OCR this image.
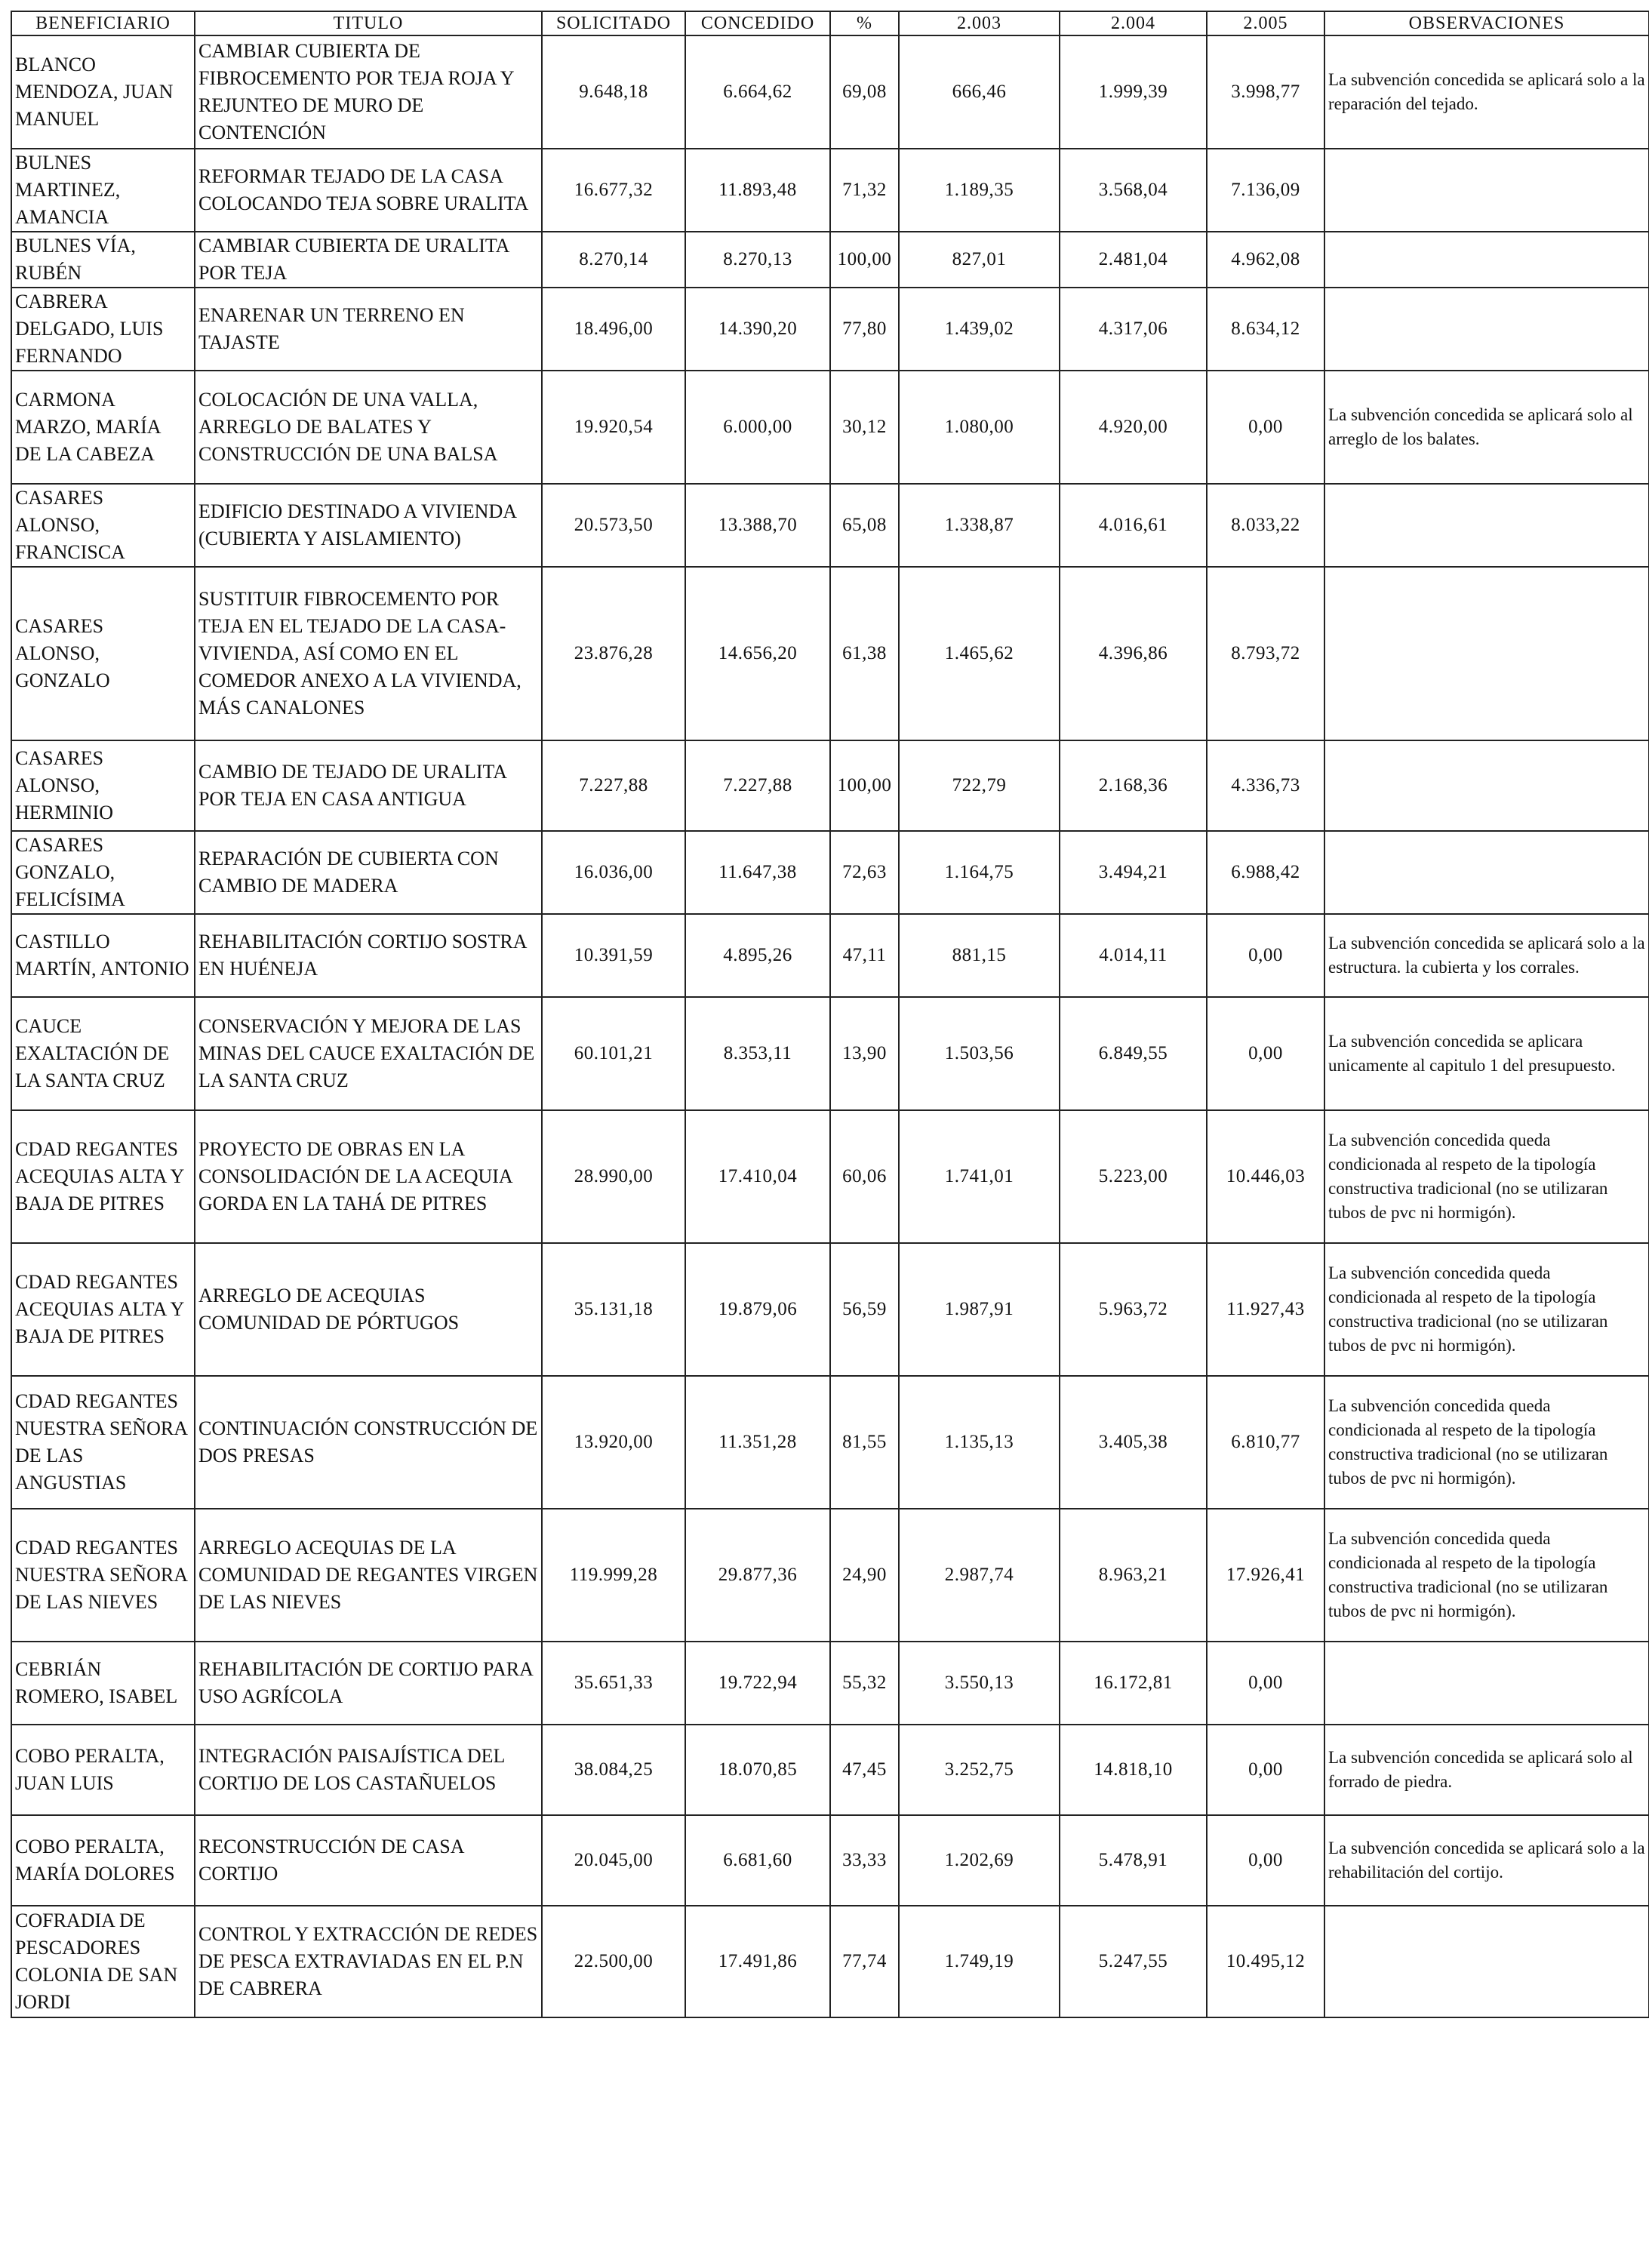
BENEFICIARIO	TITULO	SOLICITADO	CONCEDIDO	%	2.003	2.004	2.005	OBSERVACIONES
BLANCO MENDOZA, JUAN MANUEL	CAMBIAR CUBIERTA DE FIBROCEMENTO POR TEJA ROJA Y REJUNTEO DE MURO DE CONTENCIÓN	9.648,18	6.664,62	69,08	666,46	1.999,39	3.998,77	La subvención concedida se aplicará solo a la reparación del tejado.
BULNES MARTINEZ, AMANCIA	REFORMAR TEJADO DE LA CASA COLOCANDO TEJA SOBRE URALITA	16.677,32	11.893,48	71,32	1.189,35	3.568,04	7.136,09	
BULNES VÍA, RUBÉN	CAMBIAR CUBIERTA DE URALITA POR TEJA	8.270,14	8.270,13	100,00	827,01	2.481,04	4.962,08	
CABRERA DELGADO, LUIS FERNANDO	ENARENAR UN TERRENO EN TAJASTE	18.496,00	14.390,20	77,80	1.439,02	4.317,06	8.634,12	
CARMONA MARZO, MARÍA DE LA CABEZA	COLOCACIÓN DE UNA VALLA, ARREGLO DE BALATES Y CONSTRUCCIÓN DE UNA BALSA	19.920,54	6.000,00	30,12	1.080,00	4.920,00	0,00	La subvención concedida se aplicará solo al arreglo de los balates.
CASARES ALONSO, FRANCISCA	EDIFICIO DESTINADO A VIVIENDA (CUBIERTA Y AISLAMIENTO)	20.573,50	13.388,70	65,08	1.338,87	4.016,61	8.033,22	
CASARES ALONSO, GONZALO	SUSTITUIR FIBROCEMENTO POR TEJA EN EL TEJADO DE LA CASA-VIVIENDA, ASÍ COMO EN EL COMEDOR ANEXO A LA VIVIENDA, MÁS CANALONES	23.876,28	14.656,20	61,38	1.465,62	4.396,86	8.793,72	
CASARES ALONSO, HERMINIO	CAMBIO DE TEJADO DE URALITA POR TEJA EN CASA ANTIGUA	7.227,88	7.227,88	100,00	722,79	2.168,36	4.336,73	
CASARES GONZALO, FELICÍSIMA	REPARACIÓN DE CUBIERTA CON CAMBIO DE MADERA	16.036,00	11.647,38	72,63	1.164,75	3.494,21	6.988,42	
CASTILLO MARTÍN, ANTONIO	REHABILITACIÓN CORTIJO SOSTRA EN HUÉNEJA	10.391,59	4.895,26	47,11	881,15	4.014,11	0,00	La subvención concedida se aplicará solo a la estructura. la cubierta y los corrales.
CAUCE EXALTACIÓN DE LA SANTA CRUZ	CONSERVACIÓN Y MEJORA DE LAS MINAS DEL CAUCE EXALTACIÓN DE LA SANTA CRUZ	60.101,21	8.353,11	13,90	1.503,56	6.849,55	0,00	La subvención concedida se aplicara unicamente al capitulo 1 del presupuesto.
CDAD REGANTES ACEQUIAS ALTA Y BAJA DE PITRES	PROYECTO DE OBRAS EN LA CONSOLIDACIÓN DE LA ACEQUIA GORDA EN LA TAHÁ DE PITRES	28.990,00	17.410,04	60,06	1.741,01	5.223,00	10.446,03	La subvención concedida queda condicionada al respeto de la tipología constructiva tradicional (no se utilizaran tubos de pvc ni hormigón).
CDAD REGANTES ACEQUIAS ALTA Y BAJA DE PITRES	ARREGLO DE ACEQUIAS COMUNIDAD DE PÓRTUGOS	35.131,18	19.879,06	56,59	1.987,91	5.963,72	11.927,43	La subvención concedida queda condicionada al respeto de la tipología constructiva tradicional (no se utilizaran tubos de pvc ni hormigón).
CDAD REGANTES NUESTRA SEÑORA DE LAS ANGUSTIAS	CONTINUACIÓN CONSTRUCCIÓN DE DOS PRESAS	13.920,00	11.351,28	81,55	1.135,13	3.405,38	6.810,77	La subvención concedida queda condicionada al respeto de la tipología constructiva tradicional (no se utilizaran tubos de pvc ni hormigón).
CDAD REGANTES NUESTRA SEÑORA DE LAS NIEVES	ARREGLO ACEQUIAS DE LA COMUNIDAD DE REGANTES VIRGEN DE LAS NIEVES	119.999,28	29.877,36	24,90	2.987,74	8.963,21	17.926,41	La subvención concedida queda condicionada al respeto de la tipología constructiva tradicional (no se utilizaran tubos de pvc ni hormigón).
CEBRIÁN ROMERO, ISABEL	REHABILITACIÓN DE CORTIJO PARA USO AGRÍCOLA	35.651,33	19.722,94	55,32	3.550,13	16.172,81	0,00	
COBO PERALTA, JUAN LUIS	INTEGRACIÓN PAISAJÍSTICA DEL CORTIJO DE LOS CASTAÑUELOS	38.084,25	18.070,85	47,45	3.252,75	14.818,10	0,00	La subvención concedida se aplicará solo al forrado de piedra.
COBO PERALTA, MARÍA DOLORES	RECONSTRUCCIÓN DE CASA CORTIJO	20.045,00	6.681,60	33,33	1.202,69	5.478,91	0,00	La subvención concedida se aplicará solo a la rehabilitación del cortijo.
COFRADIA DE PESCADORES COLONIA DE SAN JORDI	CONTROL Y EXTRACCIÓN DE REDES DE PESCA EXTRAVIADAS EN EL P.N DE CABRERA	22.500,00	17.491,86	77,74	1.749,19	5.247,55	10.495,12	
